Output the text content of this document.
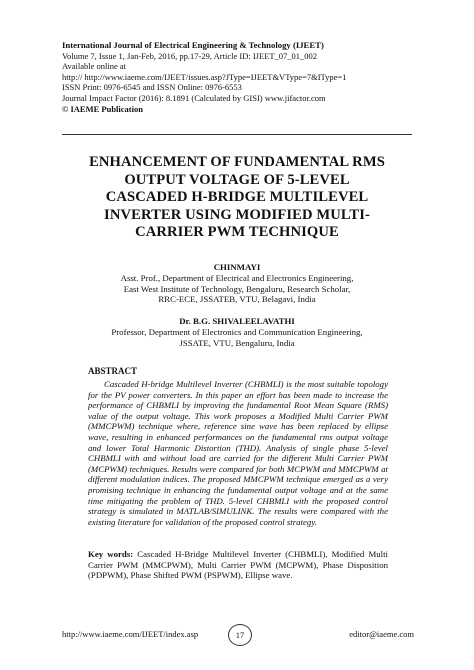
International Journal of Electrical Engineering & Technology (IJEET)
Volume 7, Issue 1, Jan-Feb, 2016, pp.17-29, Article ID: IJEET_07_01_002
Available online at
http:// http://www.iaeme.com/IJEET/issues.asp?JType=IJEET&VType=7&IType=1
ISSN Print: 0976-6545 and ISSN Online: 0976-6553
Journal Impact Factor (2016): 8.1891 (Calculated by GISI) www.jifactor.com
© IAEME Publication
ENHANCEMENT OF FUNDAMENTAL RMS
OUTPUT VOLTAGE OF 5-LEVEL
CASCADED H-BRIDGE MULTILEVEL
INVERTER USING MODIFIED MULTI-
CARRIER PWM TECHNIQUE
CHINMAYI
Asst. Prof., Department of Electrical and Electronics Engineering,
East West Institute of Technology, Bengaluru, Research Scholar,
RRC-ECE, JSSATEB, VTU, Belagavi, India
Dr. B.G. SHIVALEELAVATHI
Professor, Department of Electronics and Communication Engineering,
JSSATE, VTU, Bengaluru, India
ABSTRACT
Cascaded H-bridge Multilevel Inverter (CHBMLI) is the most suitable topology for the PV power converters. In this paper an effort has been made to increase the performance of CHBMLI by improving the fundamental Root Mean Square (RMS) value of the output voltage. This work proposes a Modified Multi Carrier PWM (MMCPWM) technique where, reference sine wave has been replaced by ellipse wave, resulting in enhanced performances on the fundamental rms output voltage and lower Total Harmonic Distortion (THD). Analysis of single phase 5-level CHBMLI with and without load are carried for the different Multi Carrier PWM (MCPWM) techniques. Results were compared for both MCPWM and MMCPWM at different modulation indices. The proposed MMCPWM technique emerged as a very promising technique in enhancing the fundamental output voltage and at the same time mitigating the problem of THD. 5-level CHBMLI with the proposed control strategy is simulated in MATLAB/SIMULINK. The results were compared with the existing literature for validation of the proposed control strategy.
Key words: Cascaded H-Bridge Multilevel Inverter (CHBMLI), Modified Multi Carrier PWM (MMCPWM), Multi Carrier PWM (MCPWM), Phase Disposition (PDPWM), Phase Shifted PWM (PSPWM), Ellipse wave.
http://www.iaeme.com/IJEET/index.asp	17	editor@iaeme.com
